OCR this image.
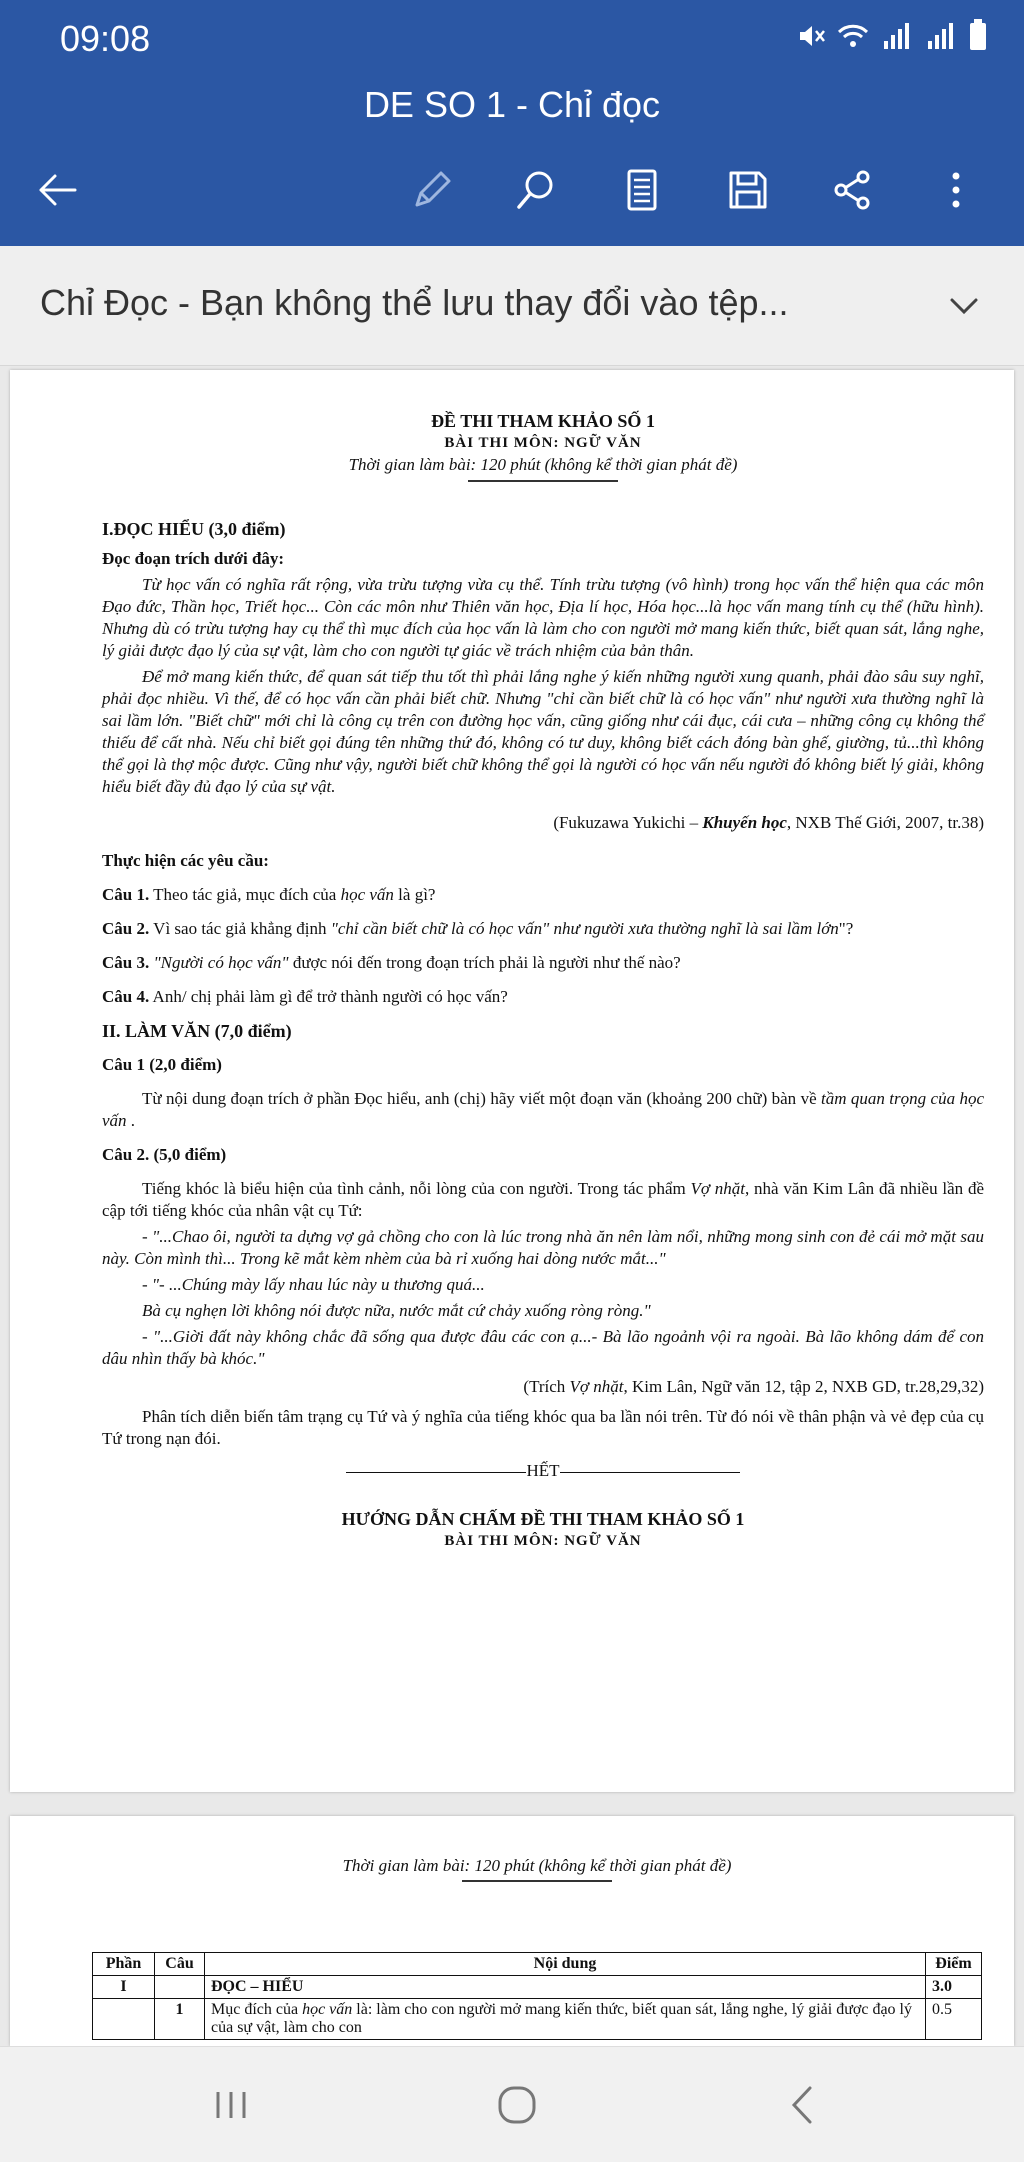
09:08
DE SO 1 - Chỉ đọc
Chỉ Đọc - Bạn không thể lưu thay đổi vào tệp...
ĐỀ THI THAM KHẢO SỐ 1
BÀI THI MÔN: NGỮ VĂN
Thời gian làm bài: 120 phút (không kể thời gian phát đề)
I.ĐỌC HIỂU (3,0 điểm)
Đọc đoạn trích dưới đây:
Từ học vấn có nghĩa rất rộng, vừa trừu tượng vừa cụ thể. Tính trừu tượng (vô hình) trong học vấn thể hiện qua các môn Đạo đức, Thần học, Triết học... Còn các môn như Thiên văn học, Địa lí học, Hóa học...là học vấn mang tính cụ thể (hữu hình). Nhưng dù có trừu tượng hay cụ thể thì mục đích của học vấn là làm cho con người mở mang kiến thức, biết quan sát, lắng nghe, lý giải được đạo lý của sự vật, làm cho con người tự giác về trách nhiệm của bản thân.
Để mở mang kiến thức, để quan sát tiếp thu tốt thì phải lắng nghe ý kiến những người xung quanh, phải đào sâu suy nghĩ, phải đọc nhiều. Vì thế, để có học vấn cần phải biết chữ. Nhưng "chỉ cần biết chữ là có học vấn" như người xưa thường nghĩ là sai lầm lớn. "Biết chữ" mới chỉ là công cụ trên con đường học vấn, cũng giống như cái đục, cái cưa – những công cụ không thể thiếu để cất nhà. Nếu chỉ biết gọi đúng tên những thứ đó, không có tư duy, không biết cách đóng bàn ghế, giường, tủ...thì không thể gọi là thợ mộc được. Cũng như vậy, người biết chữ không thể gọi là người có học vấn nếu người đó không biết lý giải, không hiểu biết đầy đủ đạo lý của sự vật.
(Fukuzawa Yukichi – Khuyến học, NXB Thế Giới, 2007, tr.38)
Thực hiện các yêu cầu:
Câu 1. Theo tác giả, mục đích của học vấn là gì?
Câu 2. Vì sao tác giả khẳng định "chỉ cần biết chữ là có học vấn" như người xưa thường nghĩ là sai lầm lớn"?
Câu 3. "Người có học vấn" được nói đến trong đoạn trích phải là người như thế nào?
Câu 4. Anh/ chị phải làm gì để trở thành người có học vấn?
II. LÀM VĂN (7,0 điểm)
Câu 1 (2,0 điểm)
Từ nội dung đoạn trích ở phần Đọc hiểu, anh (chị) hãy viết một đoạn văn (khoảng 200 chữ) bàn về tầm quan trọng của học vấn .
Câu 2. (5,0 điểm)
Tiếng khóc là biểu hiện của tình cảnh, nỗi lòng của con người. Trong tác phẩm Vợ nhặt, nhà văn Kim Lân đã nhiều lần đề cập tới tiếng khóc của nhân vật cụ Tứ:
- "...Chao ôi, người ta dựng vợ gả chồng cho con là lúc trong nhà ăn nên làm nổi, những mong sinh con đẻ cái mở mặt sau này. Còn mình thì... Trong kẽ mắt kèm nhèm của bà rỉ xuống hai dòng nước mắt..."
- "- ...Chúng mày lấy nhau lúc này u thương quá...
Bà cụ nghẹn lời không nói được nữa, nước mắt cứ chảy xuống ròng ròng."
- "...Giời đất này không chắc đã sống qua được đâu các con ạ...- Bà lão ngoảnh vội ra ngoài. Bà lão không dám để con dâu nhìn thấy bà khóc."
(Trích Vợ nhặt, Kim Lân, Ngữ văn 12, tập 2, NXB GD, tr.28,29,32)
Phân tích diễn biến tâm trạng cụ Tứ và ý nghĩa của tiếng khóc qua ba lần nói trên. Từ đó nói về thân phận và vẻ đẹp của cụ Tứ trong nạn đói.
HẾT
HƯỚNG DẪN CHẤM ĐỀ THI THAM KHẢO SỐ 1
BÀI THI MÔN: NGỮ VĂN
Thời gian làm bài: 120 phút (không kể thời gian phát đề)
Phần	Câu	Nội dung	Điểm
I		ĐỌC – HIỂU	3.0
	1	Mục đích của học vấn là: làm cho con người mở mang kiến thức, biết quan sát, lắng nghe, lý giải được đạo lý của sự vật, làm cho con	0.5
